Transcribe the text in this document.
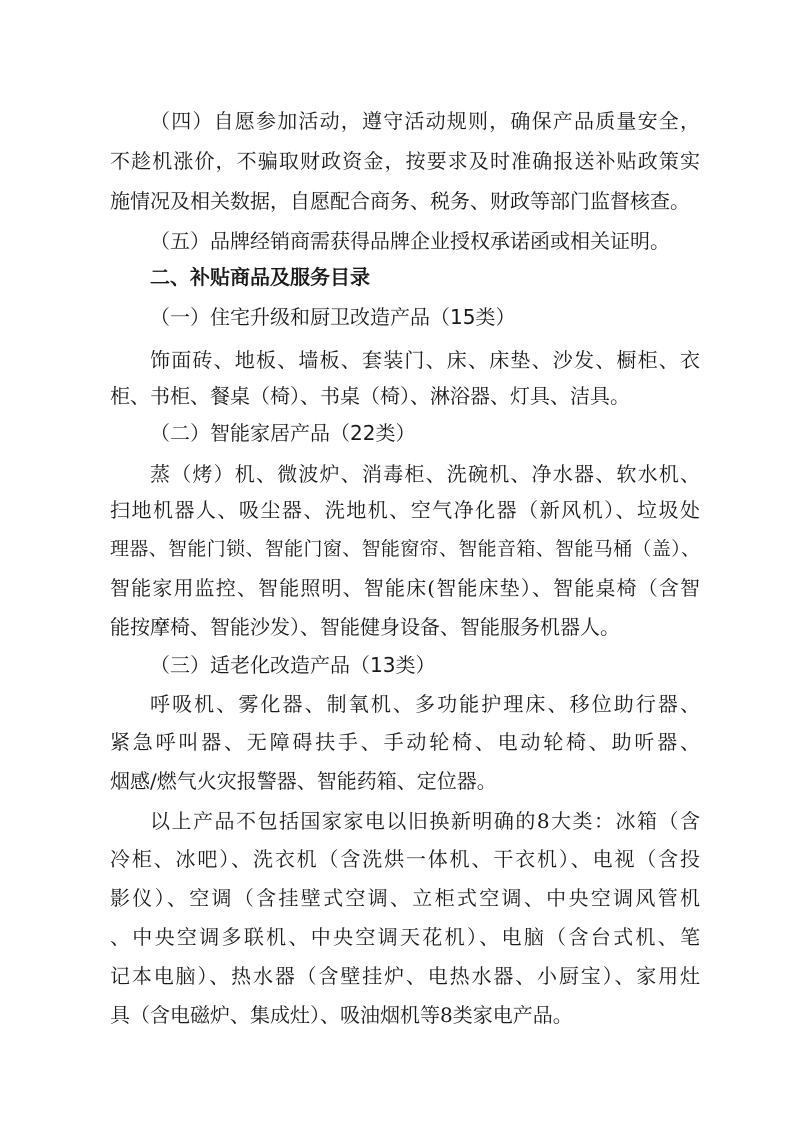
（四）自愿参加活动，遵守活动规则，确保产品质量安全，
不趁机涨价，不骗取财政资金，按要求及时准确报送补贴政策实
施情况及相关数据，自愿配合商务、税务、财政等部门监督核查。
（五）品牌经销商需获得品牌企业授权承诺函或相关证明。
二、补贴商品及服务目录
（一）住宅升级和厨卫改造产品（15类）
饰面砖、地板、墙板、套装门、床、床垫、沙发、橱柜、衣
柜、书柜、餐桌（椅）、书桌（椅）、淋浴器、灯具、洁具。
（二）智能家居产品（22类）
蒸（烤）机、微波炉、消毒柜、洗碗机、净水器、软水机、
扫地机器人、吸尘器、洗地机、空气净化器（新风机）、垃圾处
理器、智能门锁、智能门窗、智能窗帘、智能音箱、智能马桶（盖）、
智能家用监控、智能照明、智能床(智能床垫）、智能桌椅（含智
能按摩椅、智能沙发）、智能健身设备、智能服务机器人。
（三）适老化改造产品（13类）
呼吸机、雾化器、制氧机、多功能护理床、移位助行器、
紧急呼叫器、无障碍扶手、手动轮椅、电动轮椅、助听器、
烟感/燃气火灾报警器、智能药箱、定位器。
以上产品不包括国家家电以旧换新明确的8大类：冰箱（含
冷柜、冰吧）、洗衣机（含洗烘一体机、干衣机）、电视（含投
影仪）、空调（含挂壁式空调、立柜式空调、中央空调风管机
、中央空调多联机、中央空调天花机）、电脑（含台式机、笔
记本电脑）、热水器（含壁挂炉、电热水器、小厨宝）、家用灶
具（含电磁炉、集成灶）、吸油烟机等8类家电产品。
